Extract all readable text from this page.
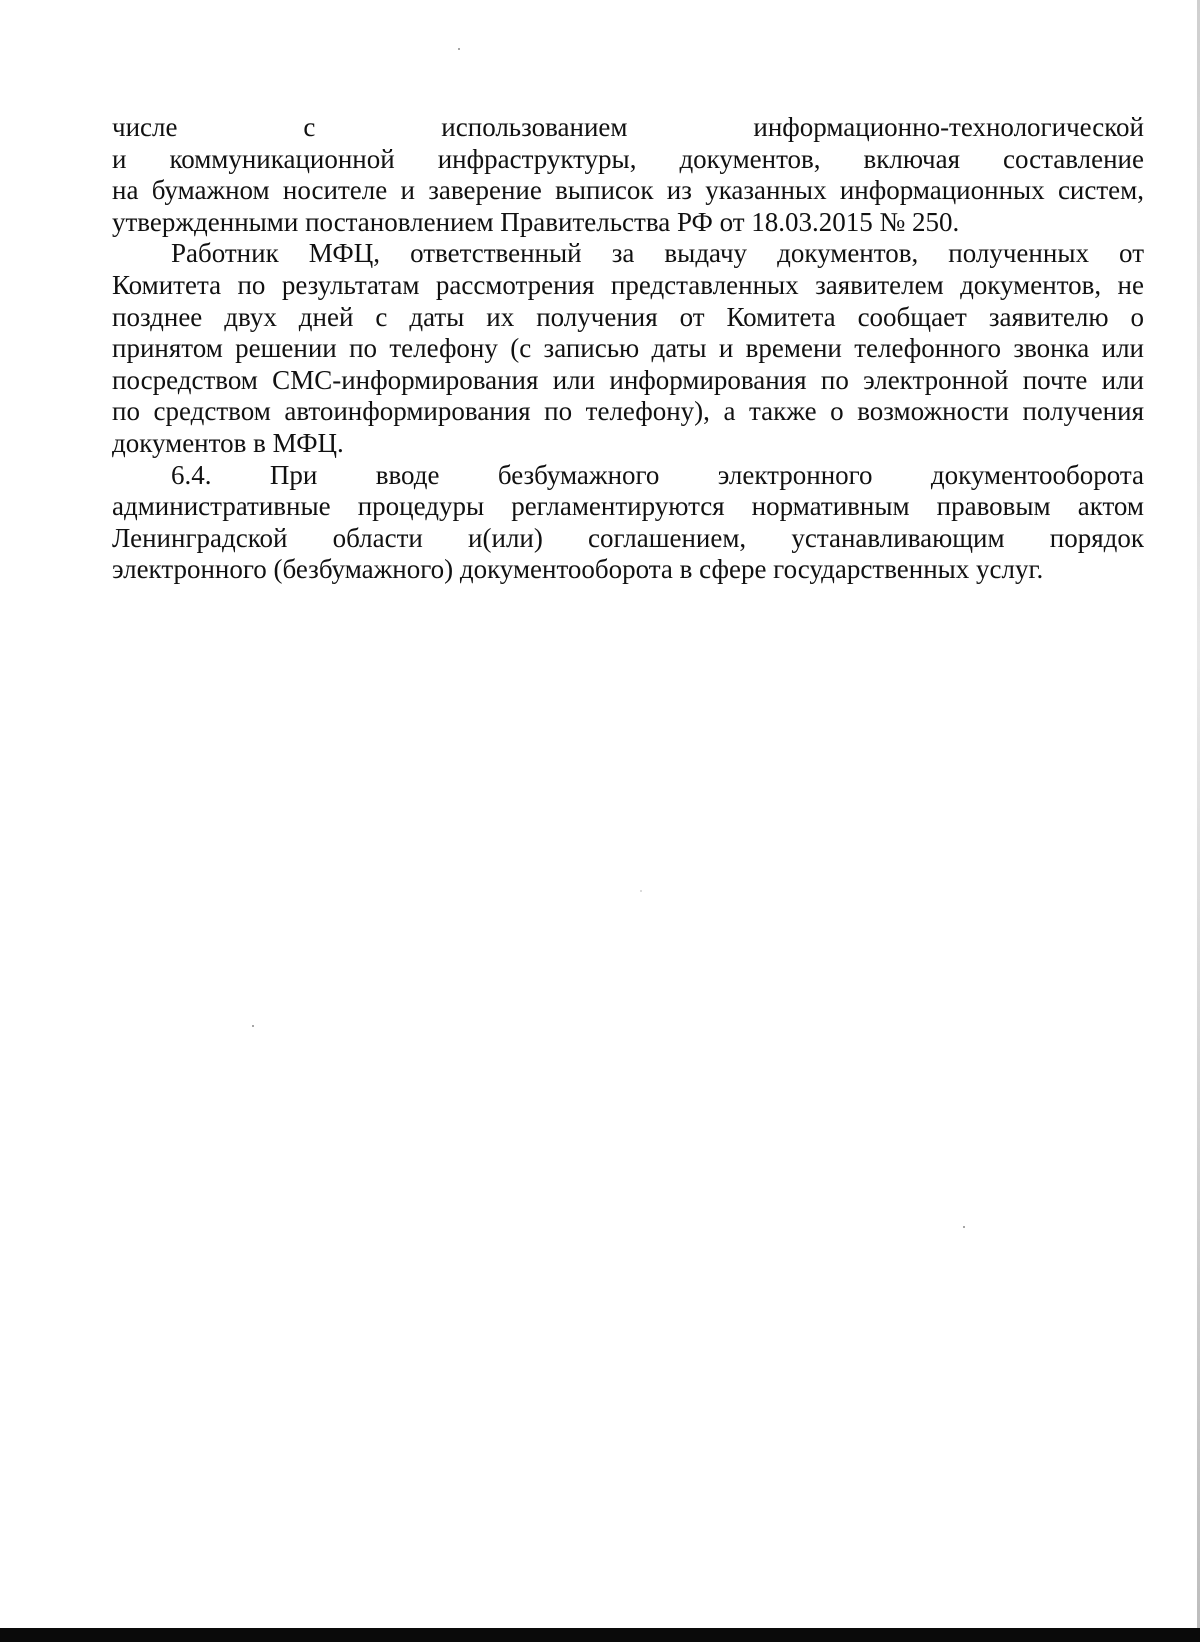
числе с использованием информационно-технологической
и коммуникационной инфраструктуры, документов, включая составление
на бумажном носителе и заверение выписок из указанных информационных систем,
утвержденными постановлением Правительства РФ от 18.03.2015 № 250.
Работник МФЦ, ответственный за выдачу документов, полученных от
Комитета по результатам рассмотрения представленных заявителем документов, не
позднее двух дней с даты их получения от Комитета сообщает заявителю о
принятом решении по телефону (с записью даты и времени телефонного звонка или
посредством СМС-информирования или информирования по электронной почте или
по средством автоинформирования по телефону), а также о возможности получения
документов в МФЦ.
6.4. При вводе безбумажного электронного документооборота
административные процедуры регламентируются нормативным правовым актом
Ленинградской области и(или) соглашением, устанавливающим порядок
электронного (безбумажного) документооборота в сфере государственных услуг.
